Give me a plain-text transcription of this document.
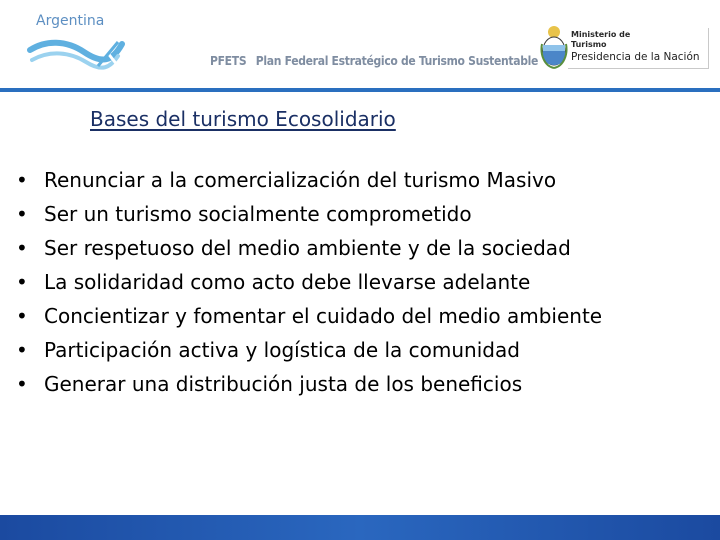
Argentina
PFETS Plan Federal Estratégico de Turismo Sustentable
Ministerio de
Turismo
Presidencia de la Nación
Bases del turismo Ecosolidario
• Renunciar a la comercialización del turismo Masivo
• Ser un turismo socialmente comprometido
• Ser respetuoso del medio ambiente y de la sociedad
• La solidaridad como acto debe llevarse adelante
• Concientizar y fomentar el cuidado del medio ambiente
• Participación activa y logística de la comunidad
• Generar una distribución justa de los beneficios
